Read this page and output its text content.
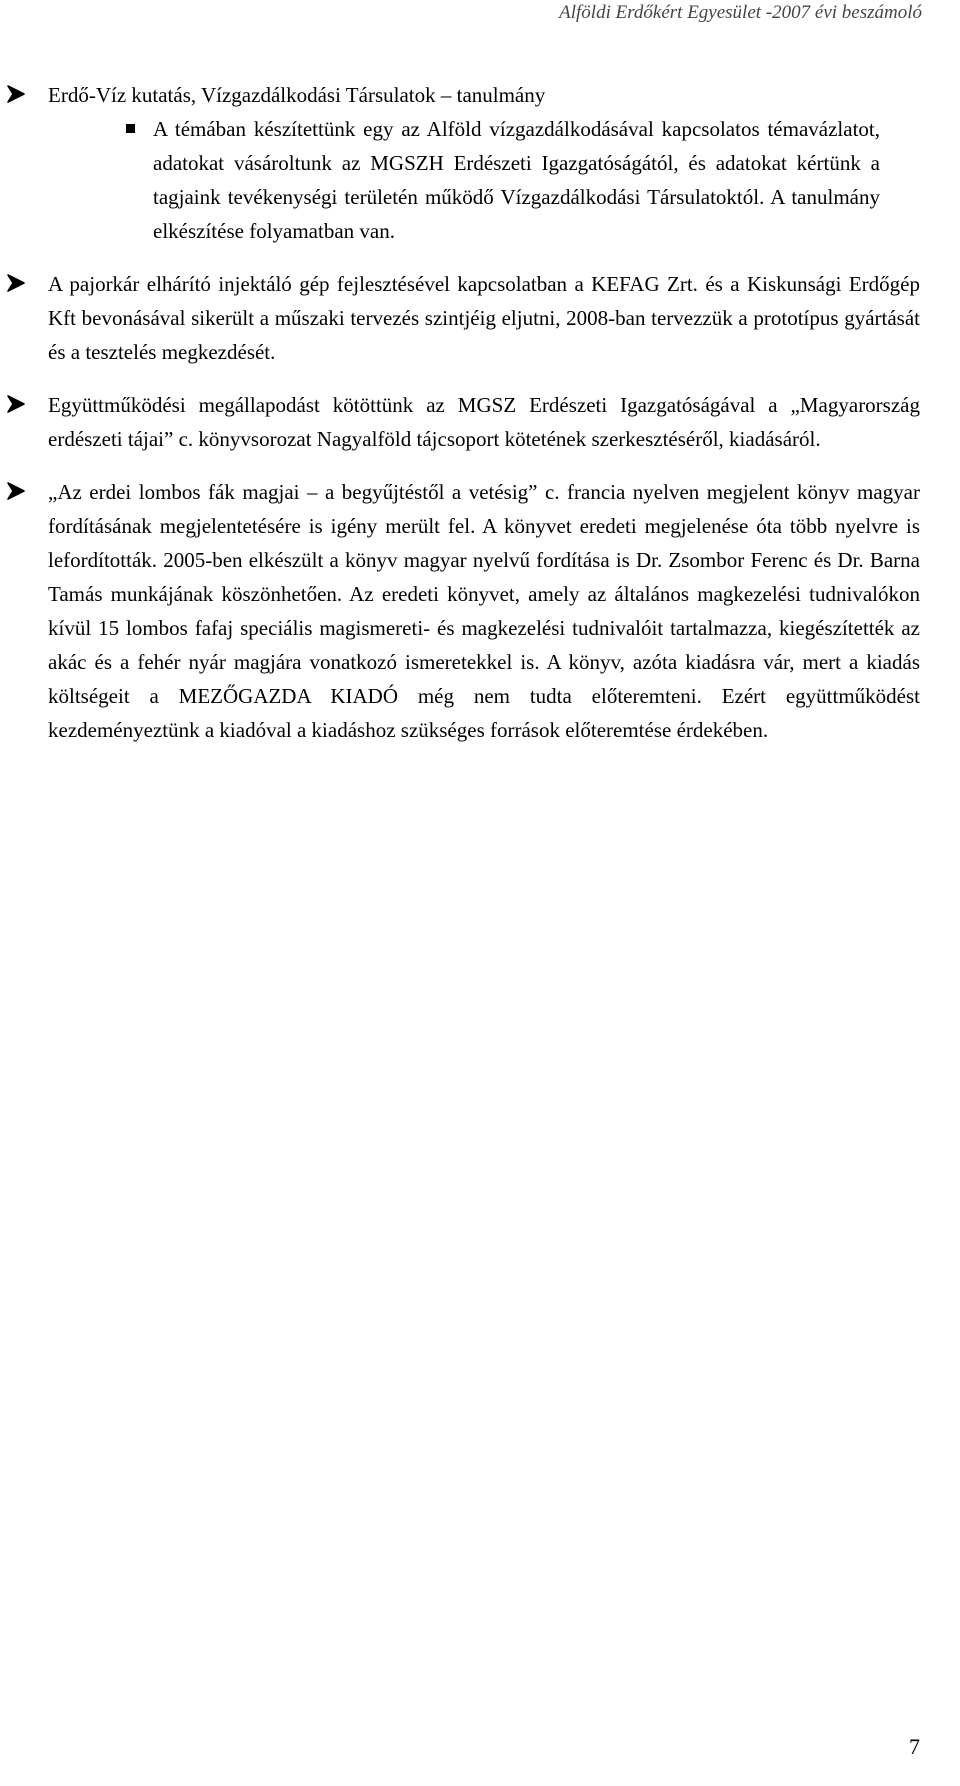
Alföldi Erdőkért Egyesület -2007 évi beszámoló
Erdő-Víz kutatás, Vízgazdálkodási Társulatok – tanulmány
A témában készítettünk egy az Alföld vízgazdálkodásával kapcsolatos témavázlatot, adatokat vásároltunk az MGSZH Erdészeti Igazgatóságától, és adatokat kértünk a tagjaink tevékenységi területén működő Vízgazdálkodási Társulatoktól. A tanulmány elkészítése folyamatban van.
A pajorkár elhárító injektáló gép fejlesztésével kapcsolatban a KEFAG Zrt. és a Kiskunsági Erdőgép Kft bevonásával sikerült a műszaki tervezés szintjéig eljutni, 2008-ban tervezzük a prototípus gyártását és a tesztelés megkezdését.
Együttműködési megállapodást kötöttünk az MGSZ Erdészeti Igazgatóságával a „Magyarország erdészeti tájai” c. könyvsorozat Nagyalföld tájcsoport kötetének szerkesztéséről, kiadásáról.
„Az erdei lombos fák magjai – a begyűjtéstől a vetésig” c. francia nyelven megjelent könyv magyar fordításának megjelentetésére is igény merült fel. A könyvet eredeti megjelenése óta több nyelvre is lefordították. 2005-ben elkészült a könyv magyar nyelvű fordítása is Dr. Zsombor Ferenc és Dr. Barna Tamás munkájának köszönhetően. Az eredeti könyvet, amely az általános magkezelési tudnivalókon kívül 15 lombos fafaj speciális magismereti- és magkezelési tudnivalóit tartalmazza, kiegészítették az akác és a fehér nyár magjára vonatkozó ismeretekkel is. A könyv, azóta kiadásra vár, mert a kiadás költségeit a MEZŐGAZDA KIADÓ még nem tudta előteremteni. Ezért együttműködést kezdeményeztünk a kiadóval a kiadáshoz szükséges források előteremtése érdekében.
7
